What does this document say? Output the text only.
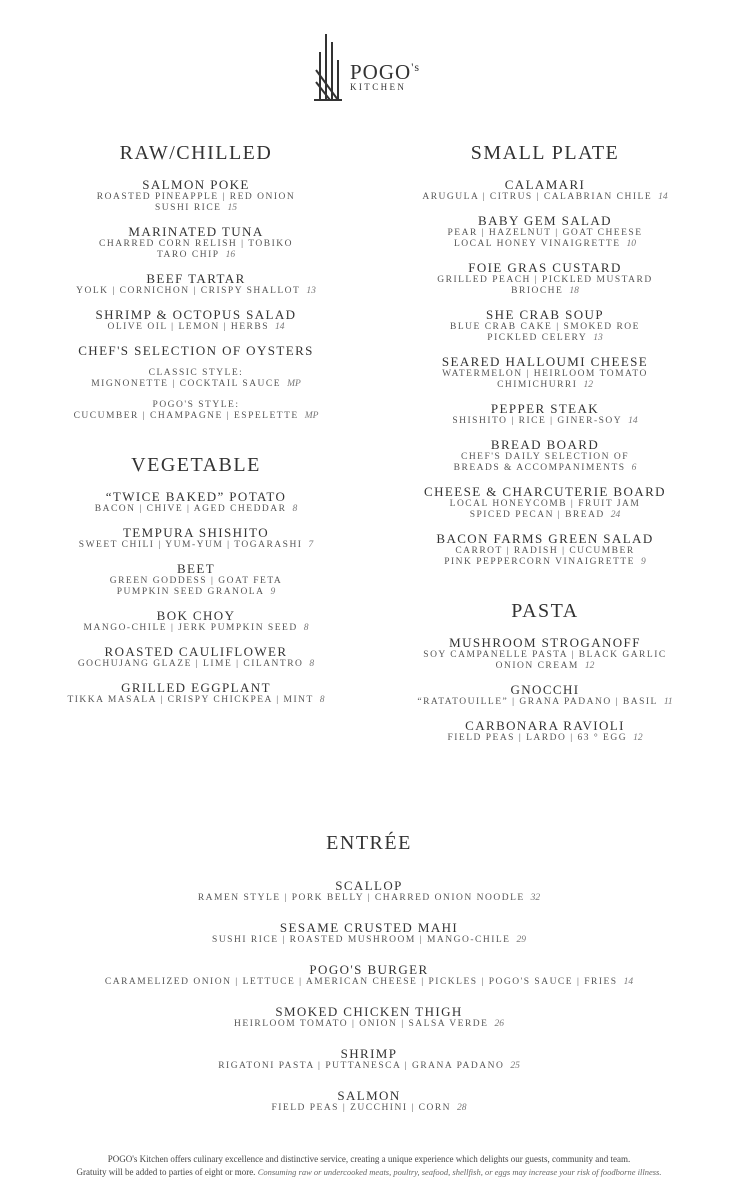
$POGO^{'s}$
KITCHEN
RAW/CHILLED
SALMON POKE
ROASTED PINEAPPLE | RED ONION
SUSHI RICE 15
MARINATED TUNA
CHARRED CORN RELISH | TOBIKO
TARO CHIP 16
BEEF TARTAR
YOLK | CORNICHON | CRISPY SHALLOT 13
SHRIMP & OCTOPUS SALAD
OLIVE OIL | LEMON | HERBS 14
CHEF'S SELECTION OF OYSTERS
CLASSIC STYLE:
MIGNONETTE | COCKTAIL SAUCE MP
POGO'S STYLE:
CUCUMBER | CHAMPAGNE | ESPELETTE MP
VEGETABLE
“TWICE BAKED” POTATO
BACON | CHIVE | AGED CHEDDAR 8
TEMPURA SHISHITO
SWEET CHILI | YUM-YUM | TOGARASHI 7
BEET
GREEN GODDESS | GOAT FETA
PUMPKIN SEED GRANOLA 9
BOK CHOY
MANGO-CHILE | JERK PUMPKIN SEED 8
ROASTED CAULIFLOWER
GOCHUJANG GLAZE | LIME | CILANTRO 8
GRILLED EGGPLANT
TIKKA MASALA | CRISPY CHICKPEA | MINT 8
SMALL PLATE
CALAMARI
ARUGULA | CITRUS | CALABRIAN CHILE 14
BABY GEM SALAD
PEAR | HAZELNUT | GOAT CHEESE
LOCAL HONEY VINAIGRETTE 10
FOIE GRAS CUSTARD
GRILLED PEACH | PICKLED MUSTARD
BRIOCHE 18
SHE CRAB SOUP
BLUE CRAB CAKE | SMOKED ROE
PICKLED CELERY 13
SEARED HALLOUMI CHEESE
WATERMELON | HEIRLOOM TOMATO
CHIMICHURRI 12
PEPPER STEAK
SHISHITO | RICE | GINER-SOY 14
BREAD BOARD
CHEF'S DAILY SELECTION OF
BREADS & ACCOMPANIMENTS 6
CHEESE & CHARCUTERIE BOARD
LOCAL HONEYCOMB | FRUIT JAM
SPICED PECAN | BREAD 24
BACON FARMS GREEN SALAD
CARROT | RADISH | CUCUMBER
PINK PEPPERCORN VINAIGRETTE 9
PASTA
MUSHROOM STROGANOFF
SOY CAMPANELLE PASTA | BLACK GARLIC
ONION CREAM 12
GNOCCHI
“RATATOUILLE” | GRANA PADANO | BASIL 11
CARBONARA RAVIOLI
FIELD PEAS | LARDO | 63 ° EGG 12
ENTRÉE
SCALLOP
RAMEN STYLE | PORK BELLY | CHARRED ONION NOODLE 32
SESAME CRUSTED MAHI
SUSHI RICE | ROASTED MUSHROOM | MANGO-CHILE 29
POGO'S BURGER
CARAMELIZED ONION | LETTUCE | AMERICAN CHEESE | PICKLES | POGO'S SAUCE | FRIES 14
SMOKED CHICKEN THIGH
HEIRLOOM TOMATO | ONION | SALSA VERDE 26
SHRIMP
RIGATONI PASTA | PUTTANESCA | GRANA PADANO 25
SALMON
FIELD PEAS | ZUCCHINI | CORN 28
POGO's Kitchen offers culinary excellence and distinctive service, creating a unique experience which delights our guests, community and team.
Gratuity will be added to parties of eight or more. Consuming raw or undercooked meats, poultry, seafood, shellfish, or eggs may increase your risk of foodborne illness.
